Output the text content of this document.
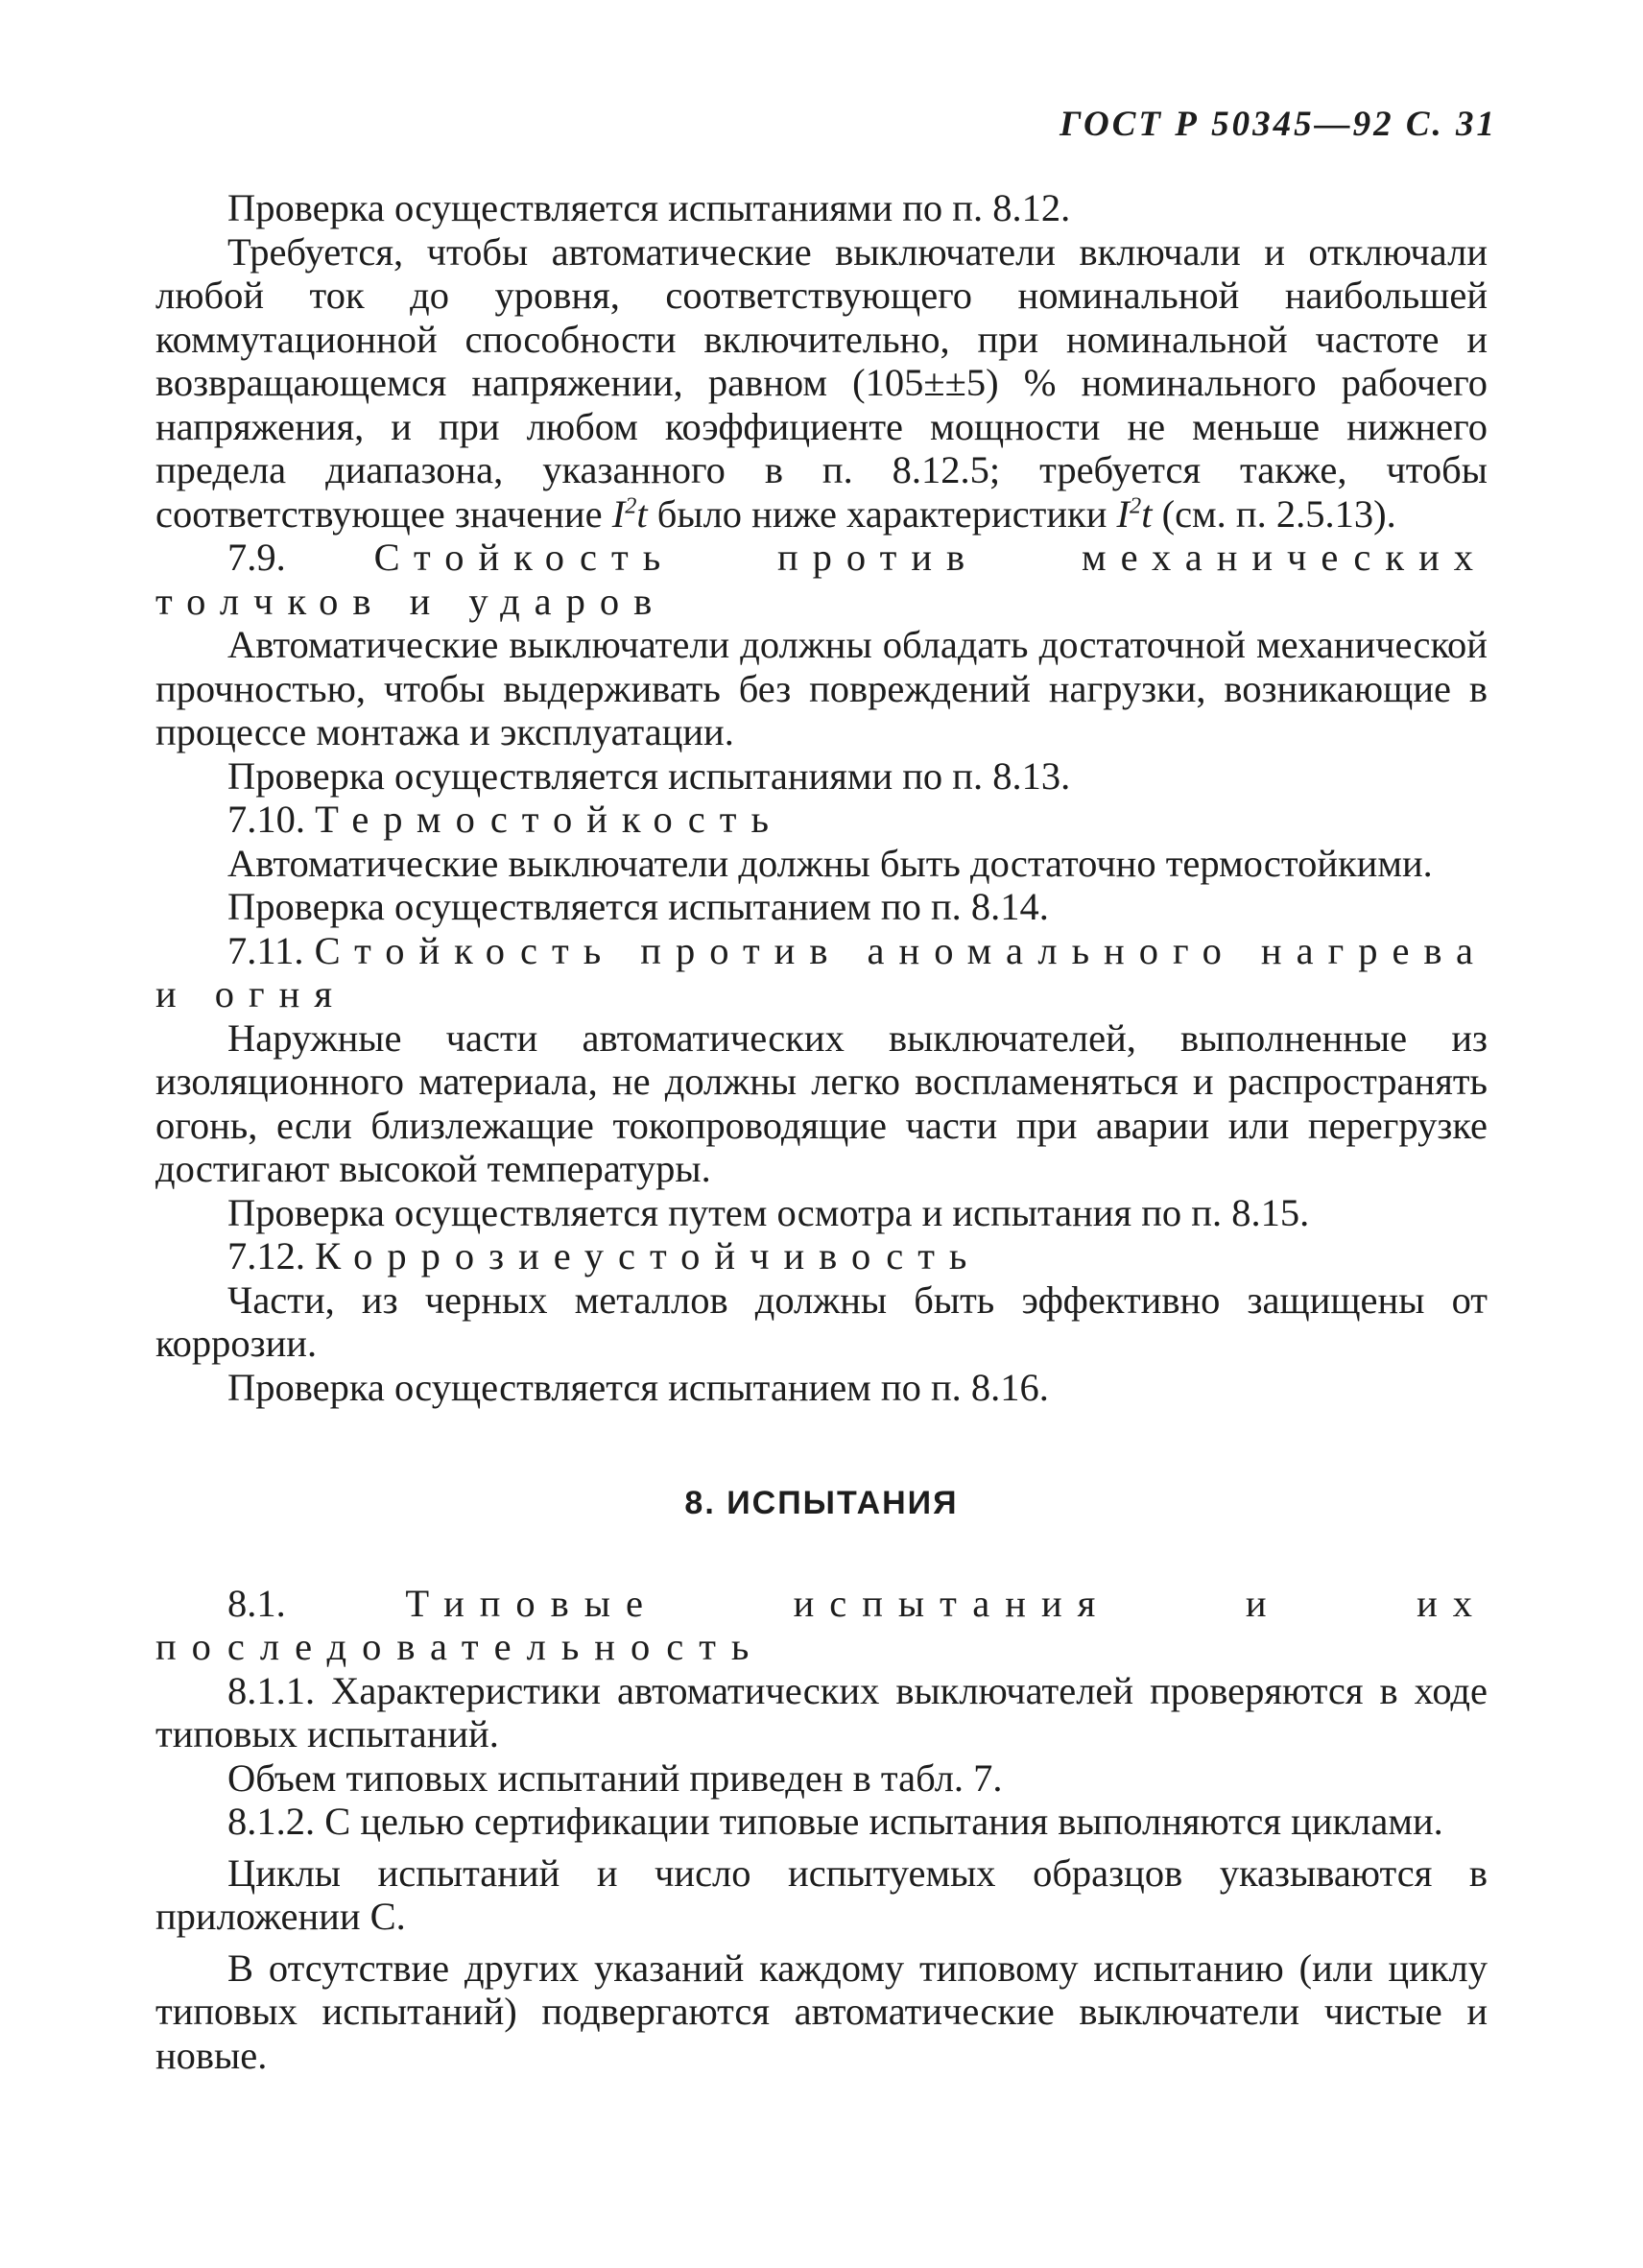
ГОСТ Р 50345—92 С. 31

Проверка осуществляется испытаниями по п. 8.12.

Требуется, чтобы автоматические выключатели включали и отключали любой ток до уровня, соответствующего номинальной наибольшей коммутационной способности включительно, при номинальной частоте и возвращающемся напряжении, равном (105±±5) % номинального рабочего напряжения, и при любом коэффициенте мощности не меньше нижнего предела диапазона, указанного в п. 8.12.5; требуется также, чтобы соответствующее значение $I^2t$ было ниже характеристики $I^2t$ (см. п. 2.5.13).

7.9. Стойкость против механических толчков и ударов

Автоматические выключатели должны обладать достаточной механической прочностью, чтобы выдерживать без повреждений нагрузки, возникающие в процессе монтажа и эксплуатации.

Проверка осуществляется испытаниями по п. 8.13.

7.10. Термостойкость

Автоматические выключатели должны быть достаточно термостойкими.

Проверка осуществляется испытанием по п. 8.14.

7.11. Стойкость против аномального нагрева и огня

Наружные части автоматических выключателей, выполненные из изоляционного материала, не должны легко воспламеняться и распространять огонь, если близлежащие токопроводящие части при аварии или перегрузке достигают высокой температуры.

Проверка осуществляется путем осмотра и испытания по п. 8.15.

7.12. Коррозиеустойчивость

Части, из черных металлов должны быть эффективно защищены от коррозии.

Проверка осуществляется испытанием по п. 8.16.

8. ИСПЫТАНИЯ

8.1. Типовые испытания и их последовательность

8.1.1. Характеристики автоматических выключателей проверяются в ходе типовых испытаний.

Объем типовых испытаний приведен в табл. 7.

8.1.2. С целью сертификации типовые испытания выполняются циклами.

Циклы испытаний и число испытуемых образцов указываются в приложении С.

В отсутствие других указаний каждому типовому испытанию (или циклу типовых испытаний) подвергаются автоматические выключатели чистые и новые.
